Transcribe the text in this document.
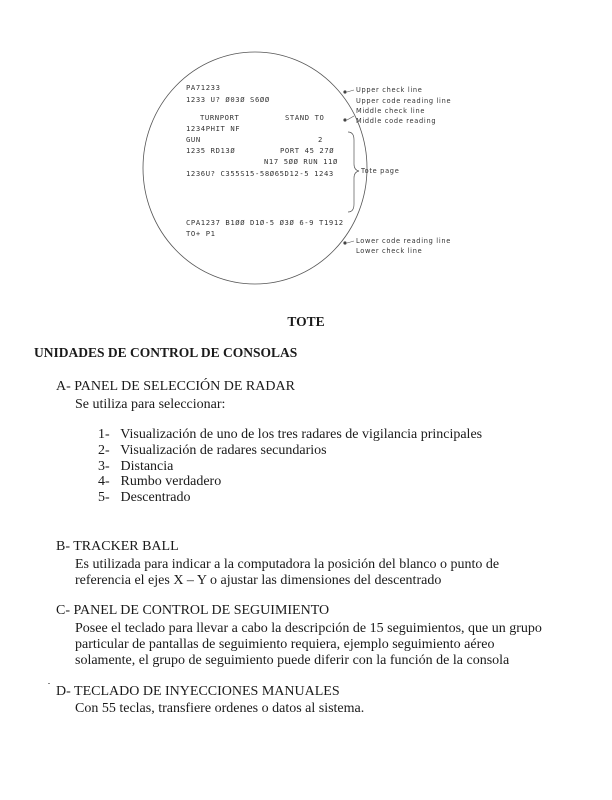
PA71233
1233 U? Ø03Ø S6ØØ
TURNPORT	STAND TO
1234PHIT NF
GUN	2
1235 RD13Ø	PORT 45 27Ø
N17 5ØØ RUN 11Ø
1236U? C355S15-58Ø65D12-5 1243
CPA1237 B1ØØ D1Ø-5 Ø3Ø 6-9 T1912
TO+ P1
Upper check line
Upper code reading line
Middle check line
Middle code reading
Tote page
Lower code reading line
Lower check line
TOTE
UNIDADES DE CONTROL DE CONSOLAS
A- PANEL DE SELECCIÓN DE RADAR
Se utiliza para seleccionar:
1- Visualización de uno de los tres radares de vigilancia principales
2- Visualización de radares secundarios
3- Distancia
4- Rumbo verdadero
5- Descentrado
B- TRACKER BALL
Es utilizada para indicar a la computadora la posición del blanco o punto de
referencia el ejes X – Y o ajustar las dimensiones del descentrado
C- PANEL DE CONTROL DE SEGUIMIENTO
Posee el teclado para llevar a cabo la descripción de 15 seguimientos, que un grupo
particular de pantallas de seguimiento requiera, ejemplo seguimiento aéreo
solamente, el grupo de seguimiento puede diferir con la función de la consola
D- TECLADO DE INYECCIONES MANUALES
Con 55 teclas, transfiere ordenes o datos al sistema.
